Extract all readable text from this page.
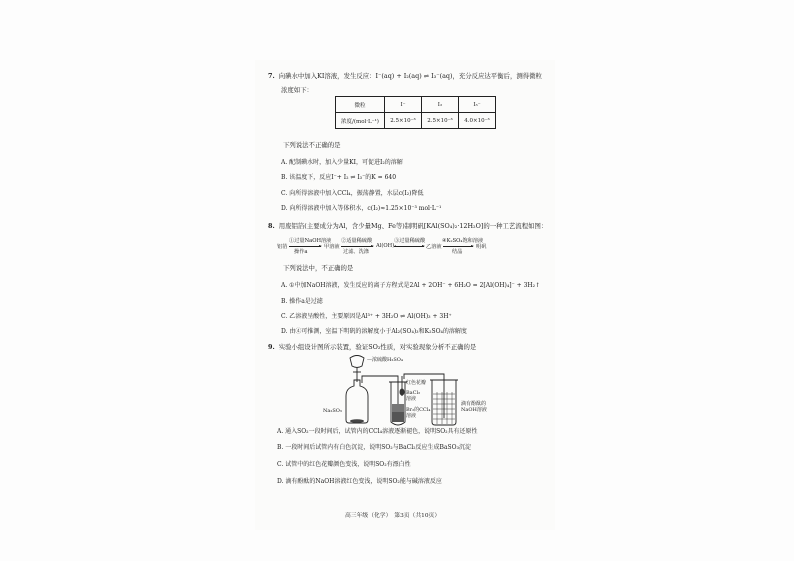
7. 向碘水中加入KI溶液，发生反应：I⁻(aq) + I₂(aq) ⇌ I₃⁻(aq)，充分反应达平衡后，测得微粒
浓度如下：
微粒	I⁻	I₂	I₃⁻
浓度/(mol·L⁻¹)	2.5×10⁻³	2.5×10⁻³	4.0×10⁻³
下列说法不正确的是
A. 配制碘水时，加入少量KI，可促进I₂的溶解
B. 该温度下，反应I⁻+ I₂ ⇌ I₃⁻的K = 640
C. 向所得溶液中加入CCl₄，振荡静置，水层c(I₂)降低
D. 向所得溶液中加入等体积水，c(I₂)≈1.25×10⁻³ mol·L⁻¹
8. 用废铝箔(主要成分为Al，含少量Mg、Fe等)制明矾[KAl(SO₄)₂·12H₂O]的一种工艺流程如图：
铝箔
①过量NaOH溶液
操作a
甲溶液
②适量稀硫酸
过滤、洗涤
Al(OH)₃
③过量稀硫酸
乙溶液
④K₂SO₄饱和溶液
结晶
明矾
下列说法中，不正确的是
A. ①中加NaOH溶液，发生反应的离子方程式是2Al + 2OH⁻ + 6H₂O = 2[Al(OH)₄]⁻ + 3H₂↑
B. 操作a是过滤
C. 乙溶液呈酸性，主要原因是Al³⁺ + 3H₂O ⇌ Al(OH)₃ + 3H⁺
D. 由④可推测，室温下明矾的溶解度小于Al₂(SO₄)₃和K₂SO₄的溶解度
9. 实验小组设计图所示装置，验证SO₂性质，对实验现象分析不正确的是
—浓硫酸H₂SO₄
Na₂SO₃
红色花瓣
BaCl₂
溶液
Br₂的CCl₄
溶液
滴有酚酞的
NaOH溶液
A. 通入SO₂一段时间后，试管内的CCl₄溶液逐渐褪色，说明SO₂具有还原性
B. 一段时间后试管内有白色沉淀，说明SO₂与BaCl₂反应生成BaSO₃沉淀
C. 试管中的红色花瓣颜色变浅，说明SO₂有漂白性
D. 滴有酚酞的NaOH溶液红色变浅，说明SO₂能与碱溶液反应
高三年级（化学）　第3页（共10页）
